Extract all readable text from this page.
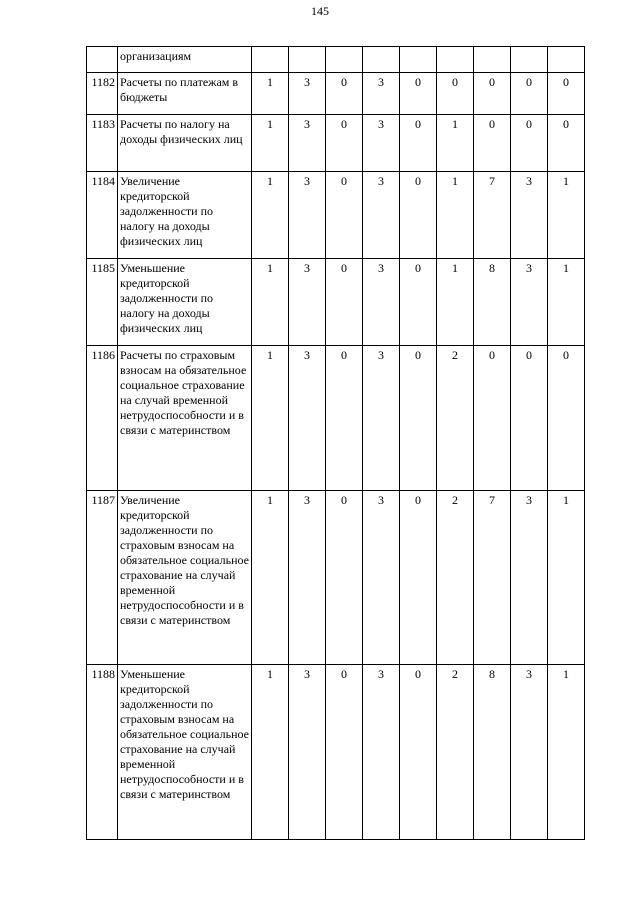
145
	организациям									
1182	Расчеты по платежам в бюджеты	1	3	0	3	0	0	0	0	0
1183	Расчеты по налогу на доходы физических лиц	1	3	0	3	0	1	0	0	0
1184	Увеличение кредиторской задолженности по налогу на доходы физических лиц	1	3	0	3	0	1	7	3	1
1185	Уменьшение кредиторской задолженности по налогу на доходы физических лиц	1	3	0	3	0	1	8	3	1
1186	Расчеты по страховым взносам на обязательное социальное страхование на случай временной нетрудоспособности и в связи с материнством	1	3	0	3	0	2	0	0	0
1187	Увеличение кредиторской задолженности по страховым взносам на обязательное социальное страхование на случай временной нетрудоспособности и в связи с материнством	1	3	0	3	0	2	7	3	1
1188	Уменьшение кредиторской задолженности по страховым взносам на обязательное социальное страхование на случай временной нетрудоспособности и в связи с материнством	1	3	0	3	0	2	8	3	1
